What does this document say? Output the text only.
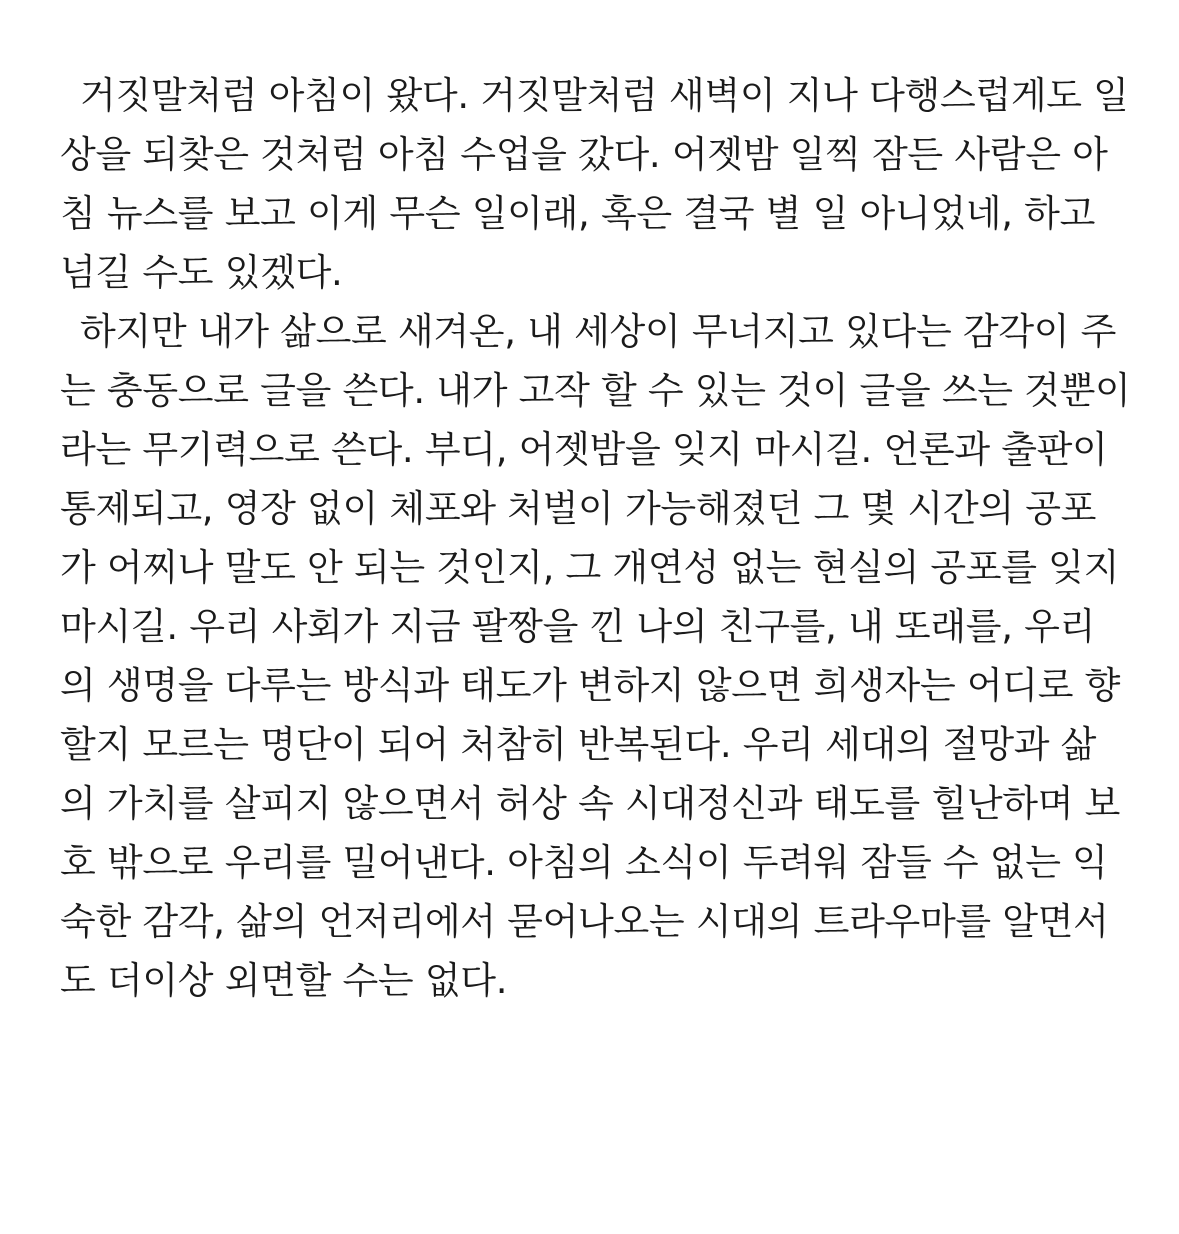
거짓말처럼 아침이 왔다. 거짓말처럼 새벽이 지나 다행스럽게도 일
상을 되찾은 것처럼 아침 수업을 갔다. 어젯밤 일찍 잠든 사람은 아
침 뉴스를 보고 이게 무슨 일이래, 혹은 결국 별 일 아니었네, 하고
넘길 수도 있겠다.
하지만 내가 삶으로 새겨온, 내 세상이 무너지고 있다는 감각이 주
는 충동으로 글을 쓴다. 내가 고작 할 수 있는 것이 글을 쓰는 것뿐이
라는 무기력으로 쓴다. 부디, 어젯밤을 잊지 마시길. 언론과 출판이
통제되고, 영장 없이 체포와 처벌이 가능해졌던 그 몇 시간의 공포
가 어찌나 말도 안 되는 것인지, 그 개연성 없는 현실의 공포를 잊지
마시길. 우리 사회가 지금 팔짱을 낀 나의 친구를, 내 또래를, 우리
의 생명을 다루는 방식과 태도가 변하지 않으면 희생자는 어디로 향
할지 모르는 명단이 되어 처참히 반복된다. 우리 세대의 절망과 삶
의 가치를 살피지 않으면서 허상 속 시대정신과 태도를 힐난하며 보
호 밖으로 우리를 밀어낸다. 아침의 소식이 두려워 잠들 수 없는 익
숙한 감각, 삶의 언저리에서 묻어나오는 시대의 트라우마를 알면서
도 더이상 외면할 수는 없다.
